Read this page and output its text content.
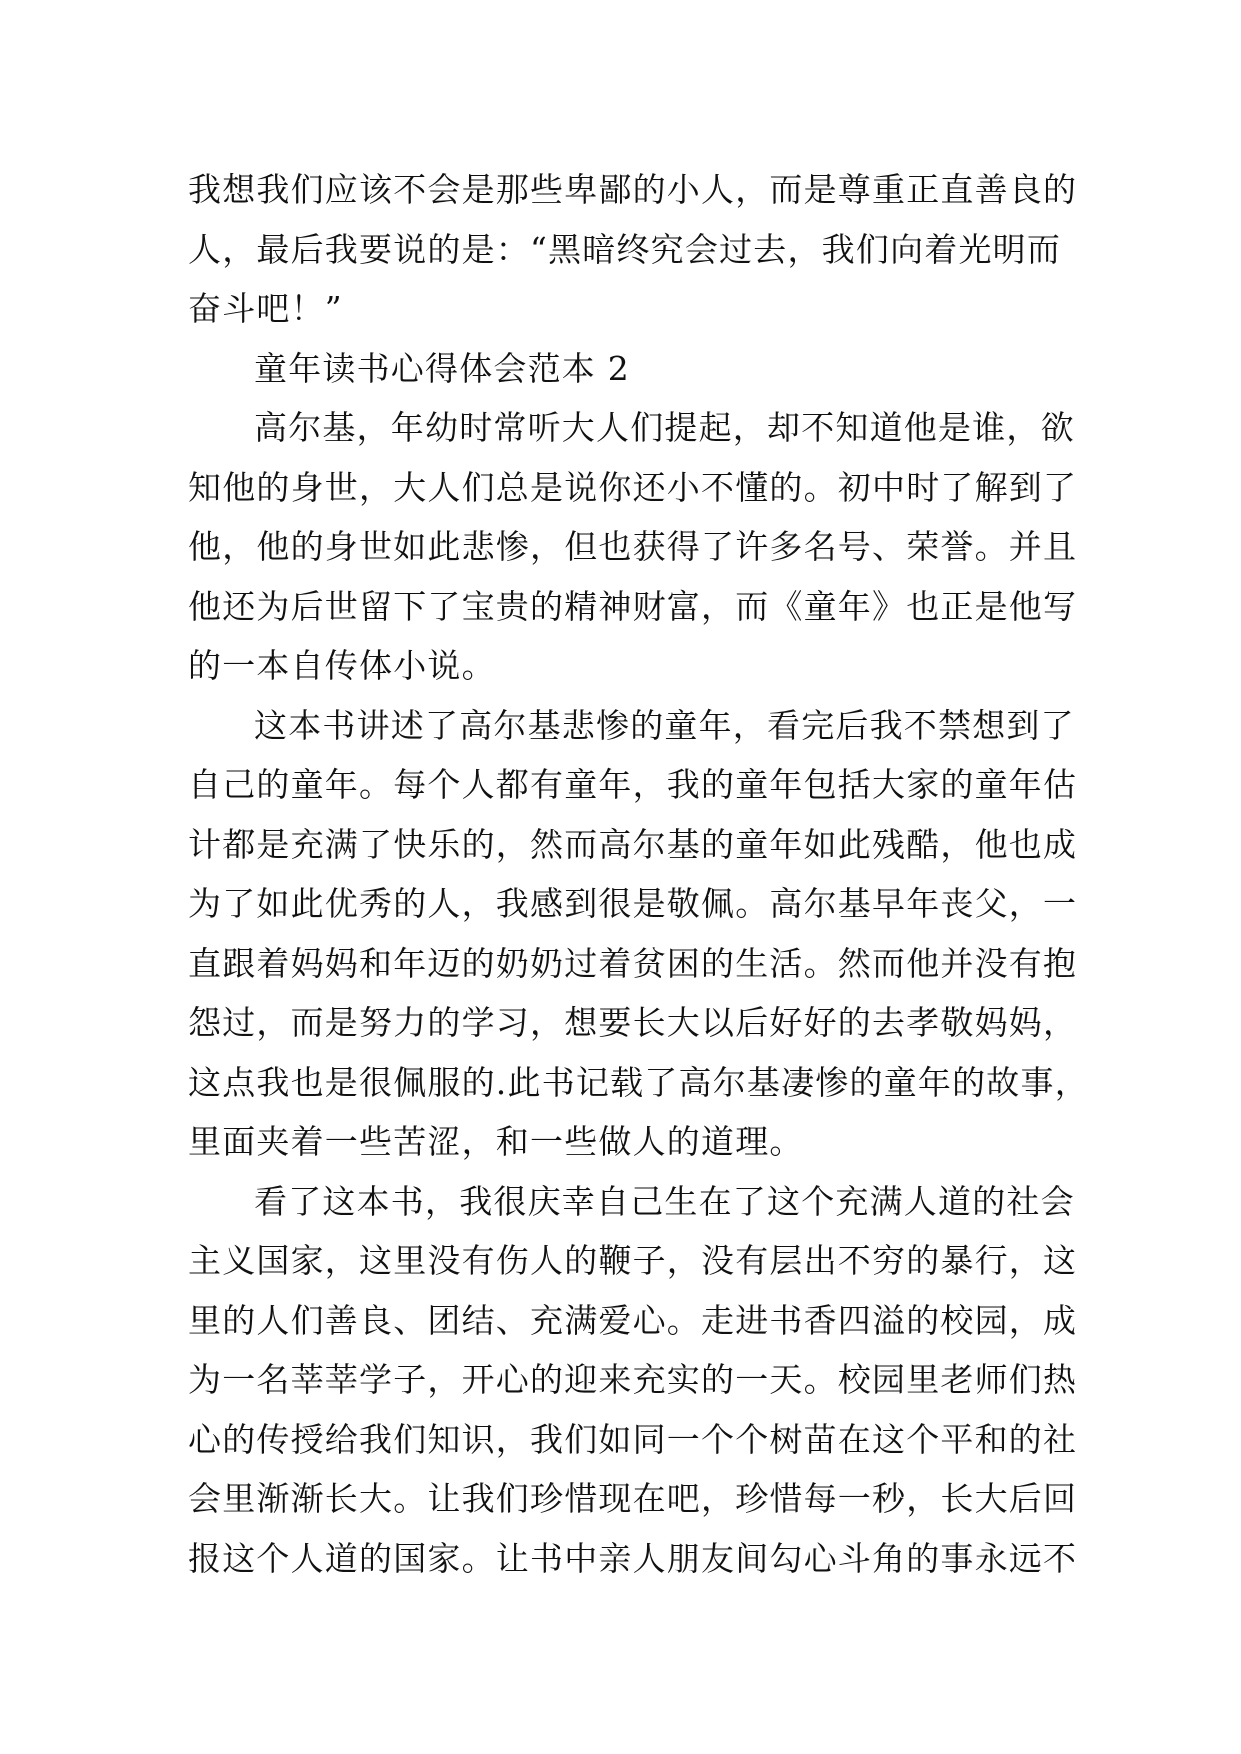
我想我们应该不会是那些卑鄙的小人，而是尊重正直善良的
人，最后我要说的是：“黑暗终究会过去，我们向着光明而
奋斗吧！”

童年读书心得体会范本 2

高尔基，年幼时常听大人们提起，却不知道他是谁，欲
知他的身世，大人们总是说你还小不懂的。初中时了解到了
他，他的身世如此悲惨，但也获得了许多名号、荣誉。并且
他还为后世留下了宝贵的精神财富，而《童年》也正是他写
的一本自传体小说。

这本书讲述了高尔基悲惨的童年，看完后我不禁想到了
自己的童年。每个人都有童年，我的童年包括大家的童年估
计都是充满了快乐的，然而高尔基的童年如此残酷，他也成
为了如此优秀的人，我感到很是敬佩。高尔基早年丧父，一
直跟着妈妈和年迈的奶奶过着贫困的生活。然而他并没有抱
怨过，而是努力的学习，想要长大以后好好的去孝敬妈妈，
这点我也是很佩服的.此书记载了高尔基凄惨的童年的故事，
里面夹着一些苦涩，和一些做人的道理。

看了这本书，我很庆幸自己生在了这个充满人道的社会
主义国家，这里没有伤人的鞭子，没有层出不穷的暴行，这
里的人们善良、团结、充满爱心。走进书香四溢的校园，成
为一名莘莘学子，开心的迎来充实的一天。校园里老师们热
心的传授给我们知识，我们如同一个个树苗在这个平和的社
会里渐渐长大。让我们珍惜现在吧，珍惜每一秒，长大后回
报这个人道的国家。让书中亲人朋友间勾心斗角的事永远不
